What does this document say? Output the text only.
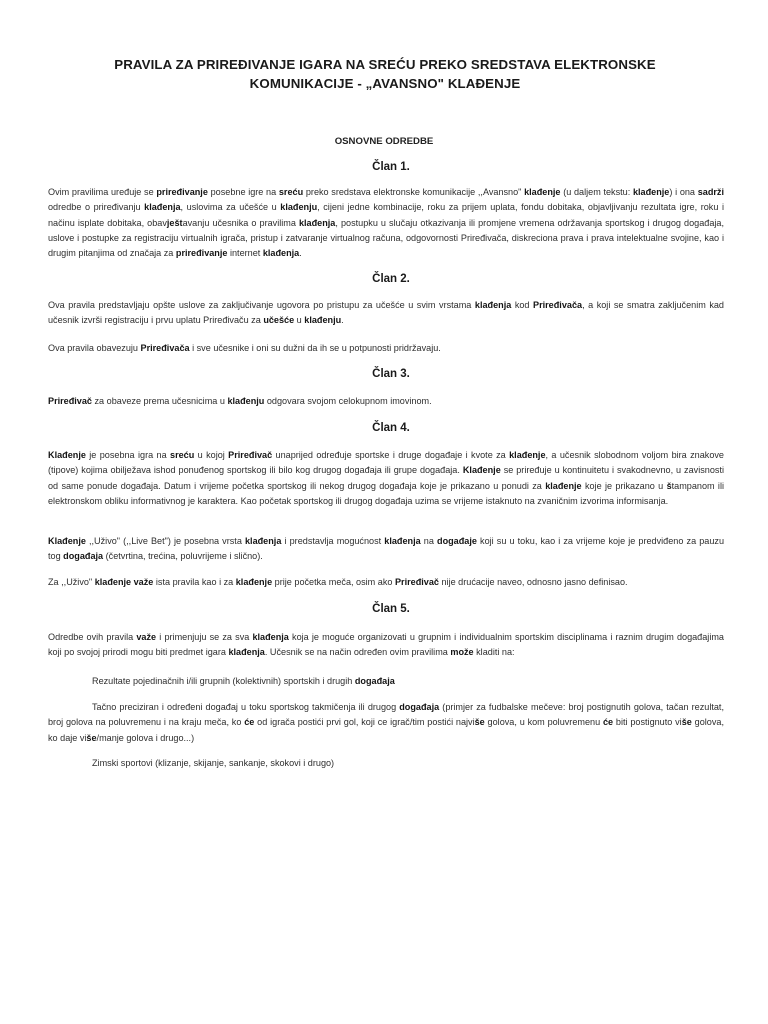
PRAVILA ZA PRIREĐIVANJE IGARA NA SREĆU PREKO SREDSTAVA ELEKTRONSKE
KOMUNIKACIJE - „AVANSNO" KLAĐENJE
OSNOVNE ODREDBE
Član 1.
Ovim pravilima uređuje se priređivanje posebne igre na sreću preko sredstava elektronske komunikacije ,,Avansno" klađenje (u daljem tekstu: klađenje) i ona sadrži odredbe o priređivanju klađenja, uslovima za učešće u klađenju, cijeni jedne kombinacije, roku za prijem uplata, fondu dobitaka, objavljivanju rezultata igre, roku i načinu isplate dobitaka, obavještavanju učesnika o pravilima klađenja, postupku u slučaju otkazivanja ili promjene vremena održavanja sportskog i drugog događaja, uslove i postupke za registraciju virtualnih igrača, pristup i zatvaranje virtualnog računa, odgovornosti Priređivača, diskreciona prava i prava intelektualne svojine, kao i drugim pitanjima od značaja za priređivanje internet klađenja.
Član 2.
Ova pravila predstavljaju opšte uslove za zaključivanje ugovora po pristupu za učešće u svim vrstama klađenja kod Priređivača, a koji se smatra zaključenim kad učesnik izvrši registraciju i prvu uplatu Priređivaču za učešće u klađenju.
Ova pravila obavezuju Priređivača i sve učesnike i oni su dužni da ih se u potpunosti pridržavaju.
Član 3.
Priređivač za obaveze prema učesnicima u klađenju odgovara svojom celokupnom imovinom.
Član 4.
Klađenje je posebna igra na sreću u kojoj Priređivač unaprijed određuje sportske i druge događaje i kvote za klađenje, a učesnik slobodnom voljom bira znakove (tipove) kojima obilježava ishod ponuđenog sportskog ili bilo kog drugog događaja ili grupe događaja. Klađenje se priređuje u kontinuitetu i svakodnevno, u zavisnosti od same ponude događaja. Datum i vrijeme početka sportskog ili nekog drugog događaja koje je prikazano u ponudi za klađenje koje je prikazano u štampanom ili elektronskom obliku informativnog je karaktera. Kao početak sportskog ili drugog događaja uzima se vrijeme istaknuto na zvaničnim izvorima informisanja.
Klađenje ,,Uživo" (,,Live Bet") je posebna vrsta klađenja i predstavlja mogućnost klađenja na događaje koji su u toku, kao i za vrijeme koje je predviđeno za pauzu tog događaja (četvrtina, trećina, poluvrijeme i slično).
Za ,,Uživo" klađenje važe ista pravila kao i za klađenje prije početka meča, osim ako Priređivač nije drućacije naveo, odnosno jasno definisao.
Član 5.
Odredbe ovih pravila važe i primenjuju se za sva klađenja koja je moguće organizovati u grupnim i individualnim sportskim disciplinama i raznim drugim događajima koji po svojoj prirodi mogu biti predmet igara klađenja. Učesnik se na način određen ovim pravilima može kladiti na:
Rezultate pojedinačnih i/ili grupnih (kolektivnih) sportskih i drugih događaja
Tačno preciziran i određeni događaj u toku sportskog takmičenja ili drugog događaja (primjer za fudbalske mečeve: broj postignutih golova, tačan rezultat, broj golova na poluvremenu i na kraju meča, ko će od igrača postići prvi gol, koji ce igrač/tim postići najviše golova, u kom poluvremenu će biti postignuto više golova, ko daje više/manje golova i drugo...)
Zimski sportovi (klizanje, skijanje, sankanje, skokovi i drugo)
